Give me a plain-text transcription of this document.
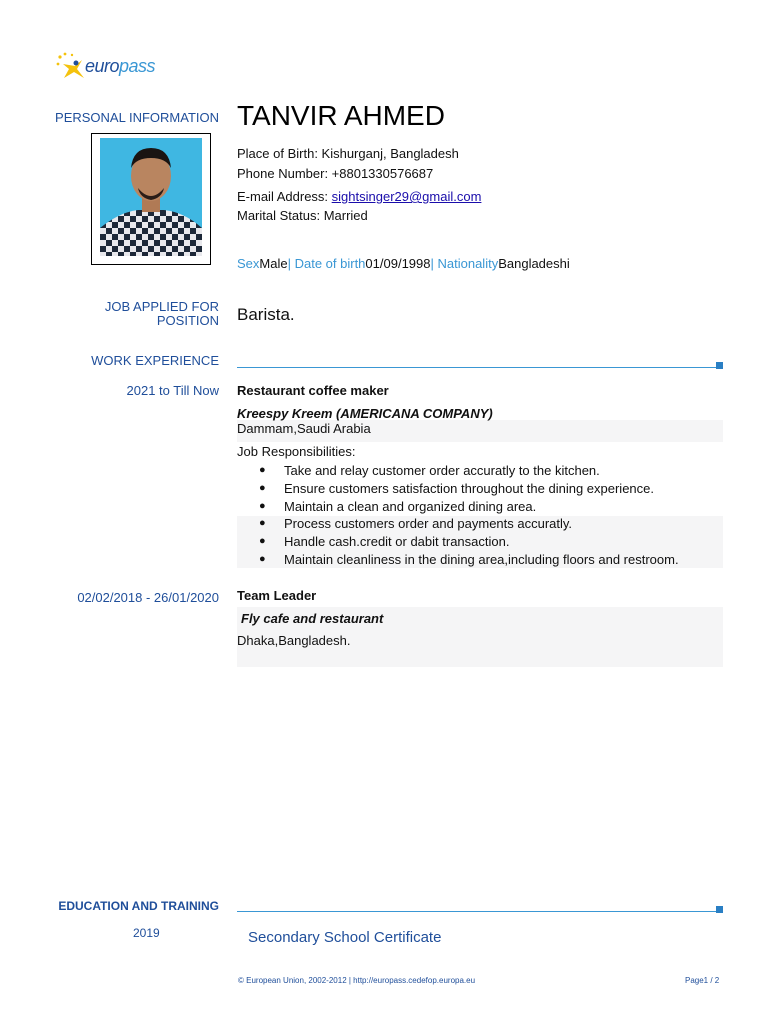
europass
PERSONAL INFORMATION TANVIR AHMED
Place of Birth: Kishurganj, Bangladesh
Phone Number: +8801330576687
E-mail Address: sightsinger29@gmail.com
Marital Status: Married
SexMale| Date of birth01/09/1998| NationalityBangladeshi
JOB APPLIED FOR
POSITION Barista.
WORK EXPERIENCE
2021 to Till Now Restaurant coffee maker
Kreespy Kreem (AMERICANA COMPANY)
Dammam,Saudi Arabia
Job Responsibilities:
● Take and relay customer order accuratly to the kitchen.
● Ensure customers satisfaction throughout the dining experience.
● Maintain a clean and organized dining area.
● Process customers order and payments accuratly.
● Handle cash.credit or dabit transaction.
● Maintain cleanliness in the dining area,including floors and restroom.
02/02/2018 - 26/01/2020 Team Leader
Fly cafe and restaurant
Dhaka,Bangladesh.
EDUCATION AND TRAINING
2019	Secondary School Certificate
© European Union, 2002-2012 | http://europass.cedefop.europa.eu	Page1 / 2
